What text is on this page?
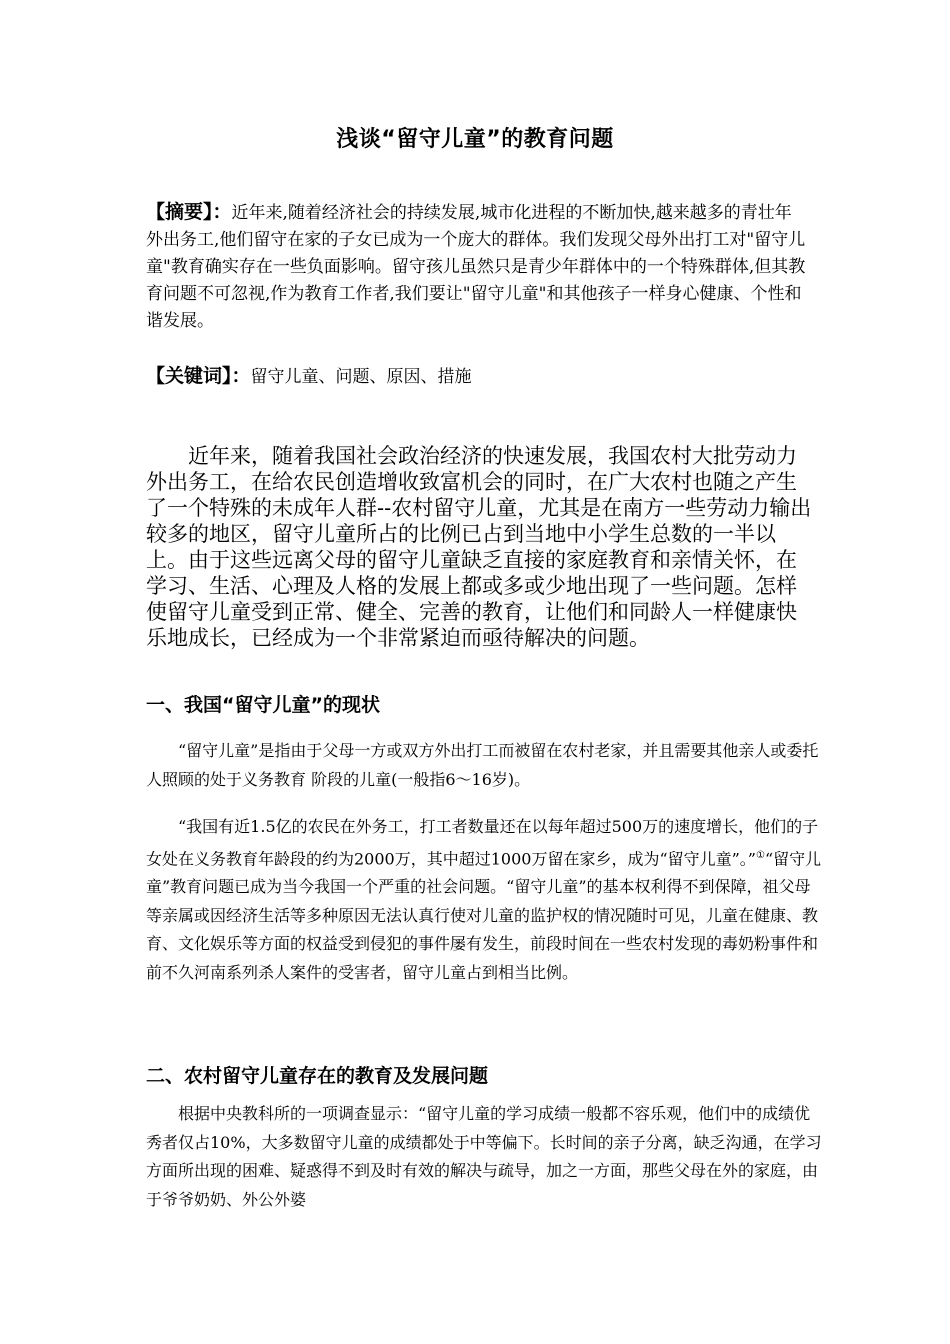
浅谈“留守儿童”的教育问题
【摘要】：近年来,随着经济社会的持续发展,城市化进程的不断加快,越来越多的青壮年外出务工,他们留守在家的子女已成为一个庞大的群体。我们发现父母外出打工对"留守儿童"教育确实存在一些负面影响。留守孩儿虽然只是青少年群体中的一个特殊群体,但其教育问题不可忽视,作为教育工作者,我们要让"留守儿童"和其他孩子一样身心健康、个性和谐发展。
【关键词】：留守儿童、问题、原因、措施

近年来，随着我国社会政治经济的快速发展，我国农村大批劳动力外出务工，在给农民创造增收致富机会的同时，在广大农村也随之产生了一个特殊的未成年人群--农村留守儿童，尤其是在南方一些劳动力输出较多的地区，留守儿童所占的比例已占到当地中小学生总数的一半以上。由于这些远离父母的留守儿童缺乏直接的家庭教育和亲情关怀，在学习、生活、心理及人格的发展上都或多或少地出现了一些问题。怎样使留守儿童受到正常、健全、完善的教育，让他们和同龄人一样健康快乐地成长，已经成为一个非常紧迫而亟待解决的问题。

一、我国“留守儿童”的现状

“留守儿童”是指由于父母一方或双方外出打工而被留在农村老家，并且需要其他亲人或委托人照顾的处于义务教育 阶段的儿童(一般指6～16岁)。

“我国有近1.5亿的农民在外务工，打工者数量还在以每年超过500万的速度增长，他们的子女处在义务教育年龄段的约为2000万，其中超过1000万留在家乡，成为“留守儿童”。”①“留守儿童”教育问题已成为当今我国一个严重的社会问题。“留守儿童”的基本权利得不到保障，祖父母等亲属或因经济生活等多种原因无法认真行使对儿童的监护权的情况随时可见，儿童在健康、教育、文化娱乐等方面的权益受到侵犯的事件屡有发生，前段时间在一些农村发现的毒奶粉事件和前不久河南系列杀人案件的受害者，留守儿童占到相当比例。

二、农村留守儿童存在的教育及发展问题

根据中央教科所的一项调查显示：“留守儿童的学习成绩一般都不容乐观，他们中的成绩优秀者仅占10%，大多数留守儿童的成绩都处于中等偏下。长时间的亲子分离，缺乏沟通，在学习方面所出现的困难、疑惑得不到及时有效的解决与疏导，加之一方面，那些父母在外的家庭，由于爷爷奶奶、外公外婆
